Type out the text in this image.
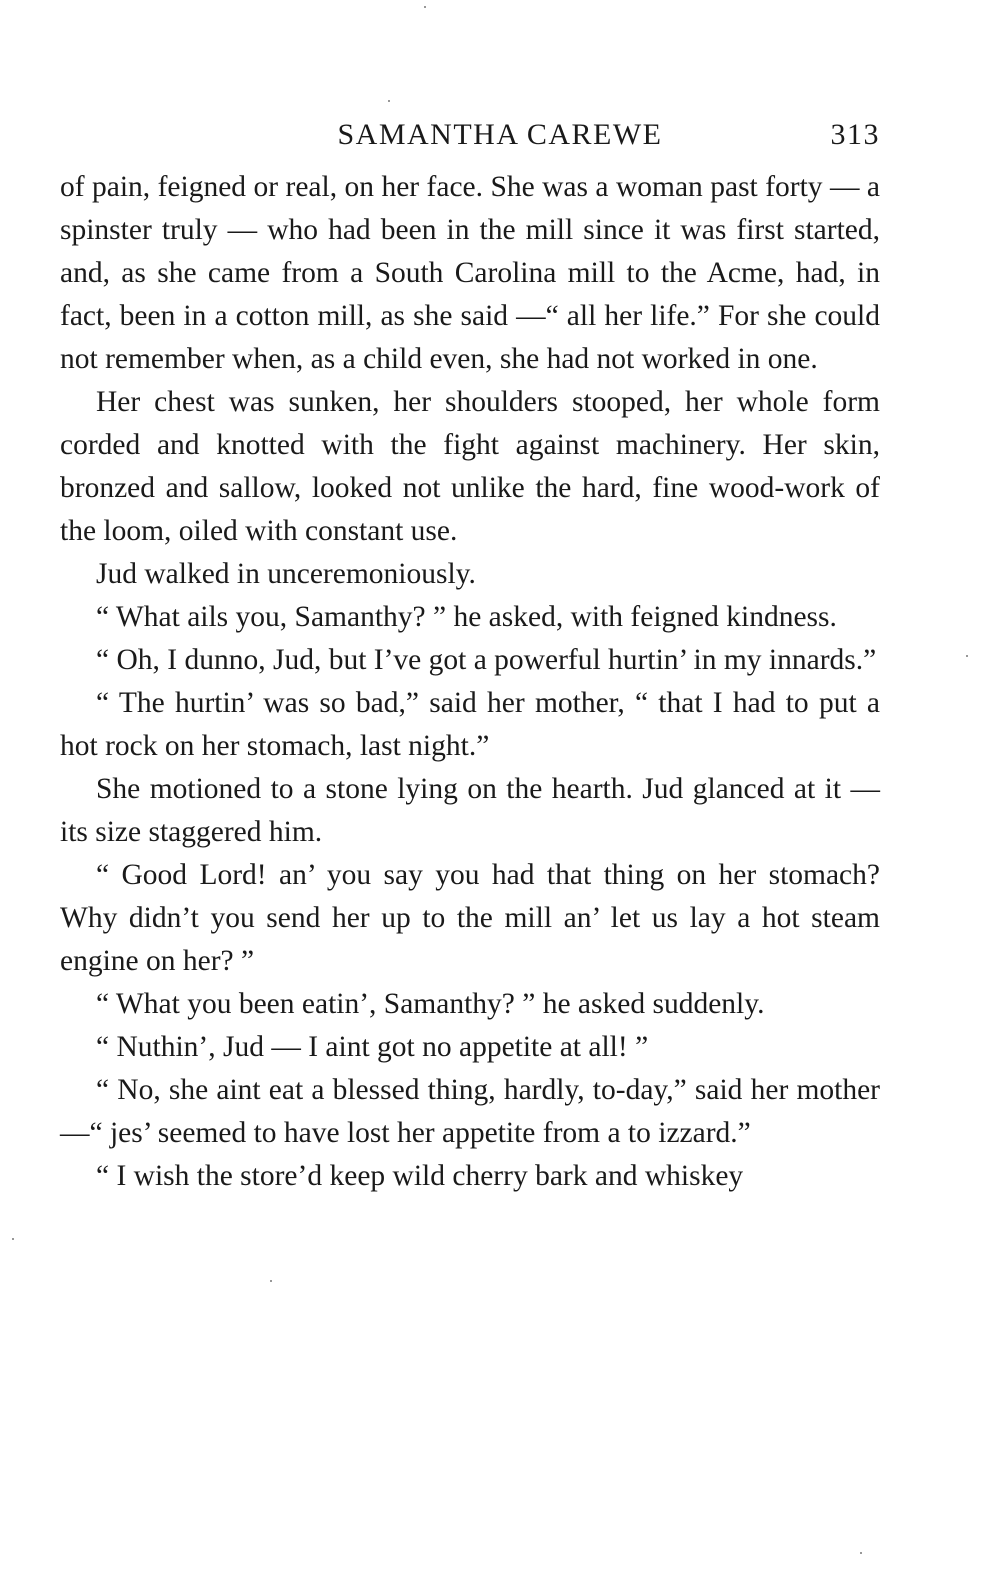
SAMANTHA CAREWE	313

of pain, feigned or real, on her face. She was a woman past forty — a spinster truly — who had been in the mill since it was first started, and, as she came from a South Carolina mill to the Acme, had, in fact, been in a cotton mill, as she said —“ all her life.” For she could not remember when, as a child even, she had not worked in one.

Her chest was sunken, her shoulders stooped, her whole form corded and knotted with the fight against machinery. Her skin, bronzed and sallow, looked not unlike the hard, fine wood-work of the loom, oiled with constant use.

Jud walked in unceremoniously.

“ What ails you, Samanthy? ” he asked, with feigned kindness.

“ Oh, I dunno, Jud, but I’ve got a powerful hurtin’ in my innards.”

“ The hurtin’ was so bad,” said her mother, “ that I had to put a hot rock on her stomach, last night.”

She motioned to a stone lying on the hearth. Jud glanced at it — its size staggered him.

“ Good Lord! an’ you say you had that thing on her stomach? Why didn’t you send her up to the mill an’ let us lay a hot steam engine on her? ”

“ What you been eatin’, Samanthy? ” he asked suddenly.

“ Nuthin’, Jud — I aint got no appetite at all! ”

“ No, she aint eat a blessed thing, hardly, to-day,” said her mother —“ jes’ seemed to have lost her appetite from a to izzard.”

“ I wish the store’d keep wild cherry bark and whiskey
